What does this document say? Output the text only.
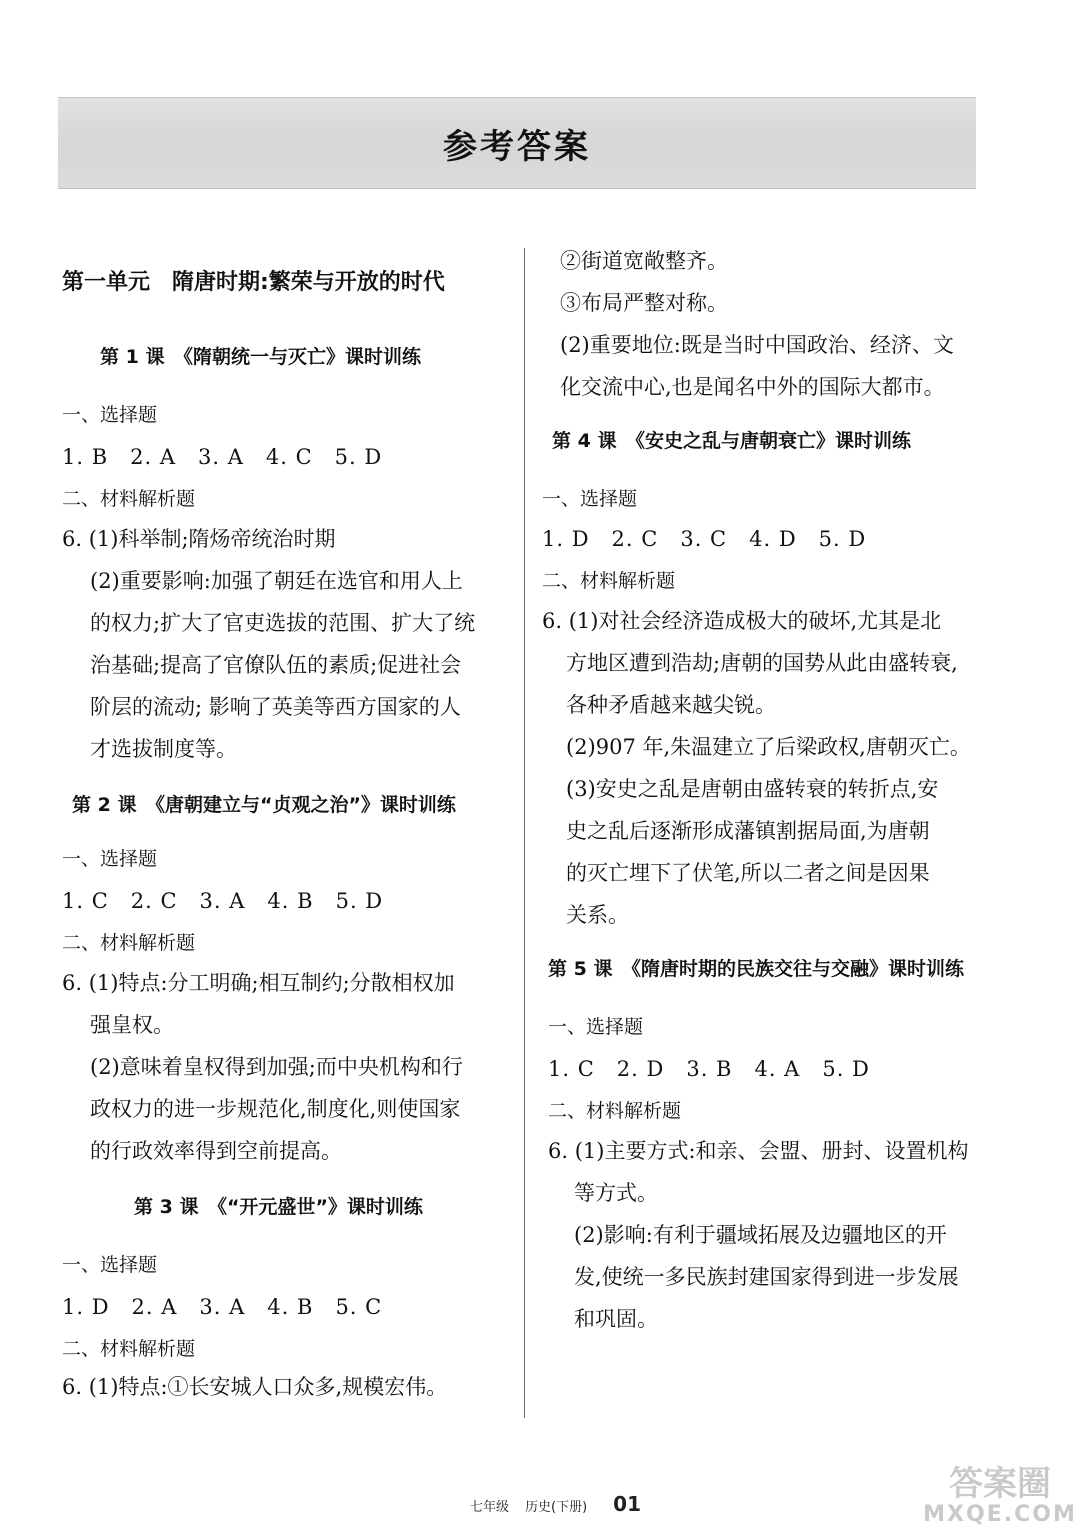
参考答案
第一单元　隋唐时期:繁荣与开放的时代
第 1 课　《隋朝统一与灭亡》课时训练
一、选择题
1. B　2. A　3. A　4. C　5. D
二、材料解析题
6. (1)科举制;隋炀帝统治时期
(2)重要影响:加强了朝廷在选官和用人上
的权力;扩大了官吏选拔的范围、扩大了统
治基础;提高了官僚队伍的素质;促进社会
阶层的流动; 影响了英美等西方国家的人
才选拔制度等。
第 2 课　《唐朝建立与“贞观之治”》课时训练
一、选择题
1. C　2. C　3. A　4. B　5. D
二、材料解析题
6. (1)特点:分工明确;相互制约;分散相权加
强皇权。
(2)意味着皇权得到加强;而中央机构和行
政权力的进一步规范化,制度化,则使国家
的行政效率得到空前提高。
第 3 课　《“开元盛世”》课时训练
一、选择题
1. D　2. A　3. A　4. B　5. C
二、材料解析题
6. (1)特点:①长安城人口众多,规模宏伟。
②街道宽敞整齐。
③布局严整对称。
(2)重要地位:既是当时中国政治、经济、文
化交流中心,也是闻名中外的国际大都市。
第 4 课　《安史之乱与唐朝衰亡》课时训练
一、选择题
1. D　2. C　3. C　4. D　5. D
二、材料解析题
6. (1)对社会经济造成极大的破坏,尤其是北
方地区遭到浩劫;唐朝的国势从此由盛转衰,
各种矛盾越来越尖锐。
(2)907 年,朱温建立了后梁政权,唐朝灭亡。
(3)安史之乱是唐朝由盛转衰的转折点,安
史之乱后逐渐形成藩镇割据局面,为唐朝
的灭亡埋下了伏笔,所以二者之间是因果
关系。
第 5 课　《隋唐时期的民族交往与交融》课时训练
一、选择题
1. C　2. D　3. B　4. A　5. D
二、材料解析题
6. (1)主要方式:和亲、会盟、册封、设置机构
等方式。
(2)影响:有利于疆域拓展及边疆地区的开
发,使统一多民族封建国家得到进一步发展
和巩固。
七年级 历史(下册) 01
答案圈
MXQE.COM
